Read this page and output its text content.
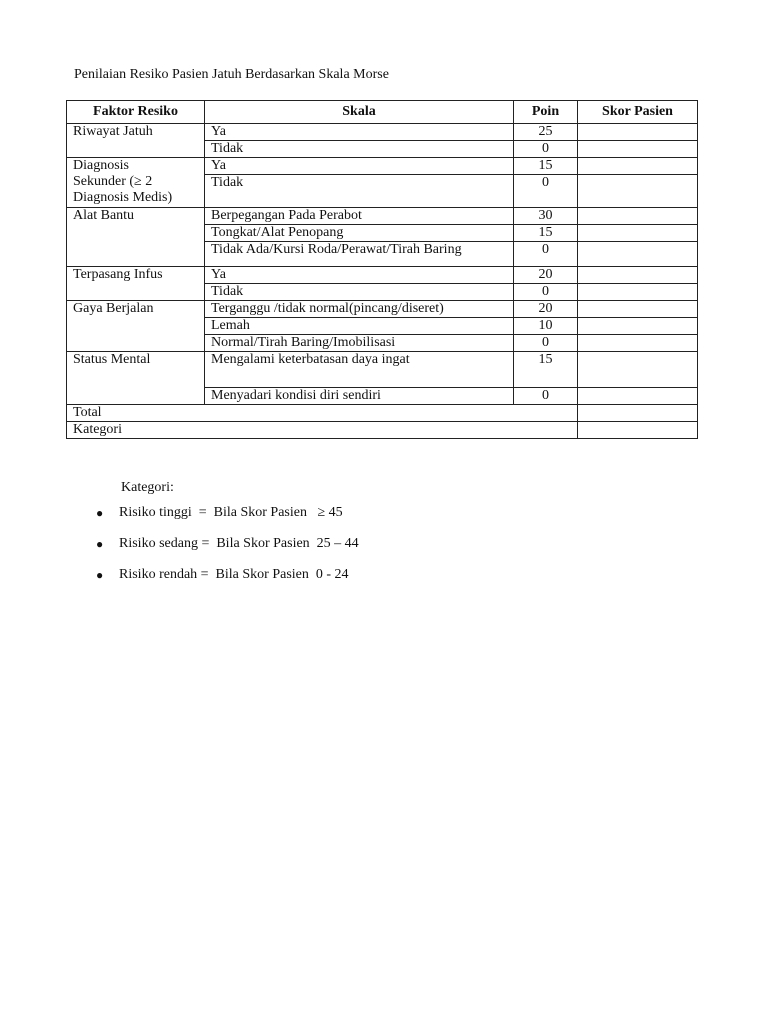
Penilaian Resiko Pasien Jatuh Berdasarkan Skala Morse
Faktor Resiko	Skala	Poin	Skor Pasien
Riwayat Jatuh	Ya	25	
	Tidak	0	

Diagnosis
Sekunder (≥ 2 Diagnosis Medis)	Ya	15	
	Tidak	0	
Alat Bantu	Berpegangan Pada Perabot	30	
	Tongkat/Alat Penopang	15	
	Tidak Ada/Kursi Roda/Perawat/Tirah Baring	0	
Terpasang Infus	Ya	20	
	Tidak	0	
Gaya Berjalan	Terganggu /tidak normal(pincang/diseret)	20	
	Lemah	10	
	Normal/Tirah Baring/Imobilisasi	0	
Status Mental	Mengalami keterbatasan daya ingat	15	
	Menyadari kondisi diri sendiri	0	
Total			
Kategori			
Kategori:
●	Risiko tinggi  =  Bila Skor Pasien   ≥ 45
●	Risiko sedang =  Bila Skor Pasien  25 – 44
●	Risiko rendah =  Bila Skor Pasien  0 - 24
